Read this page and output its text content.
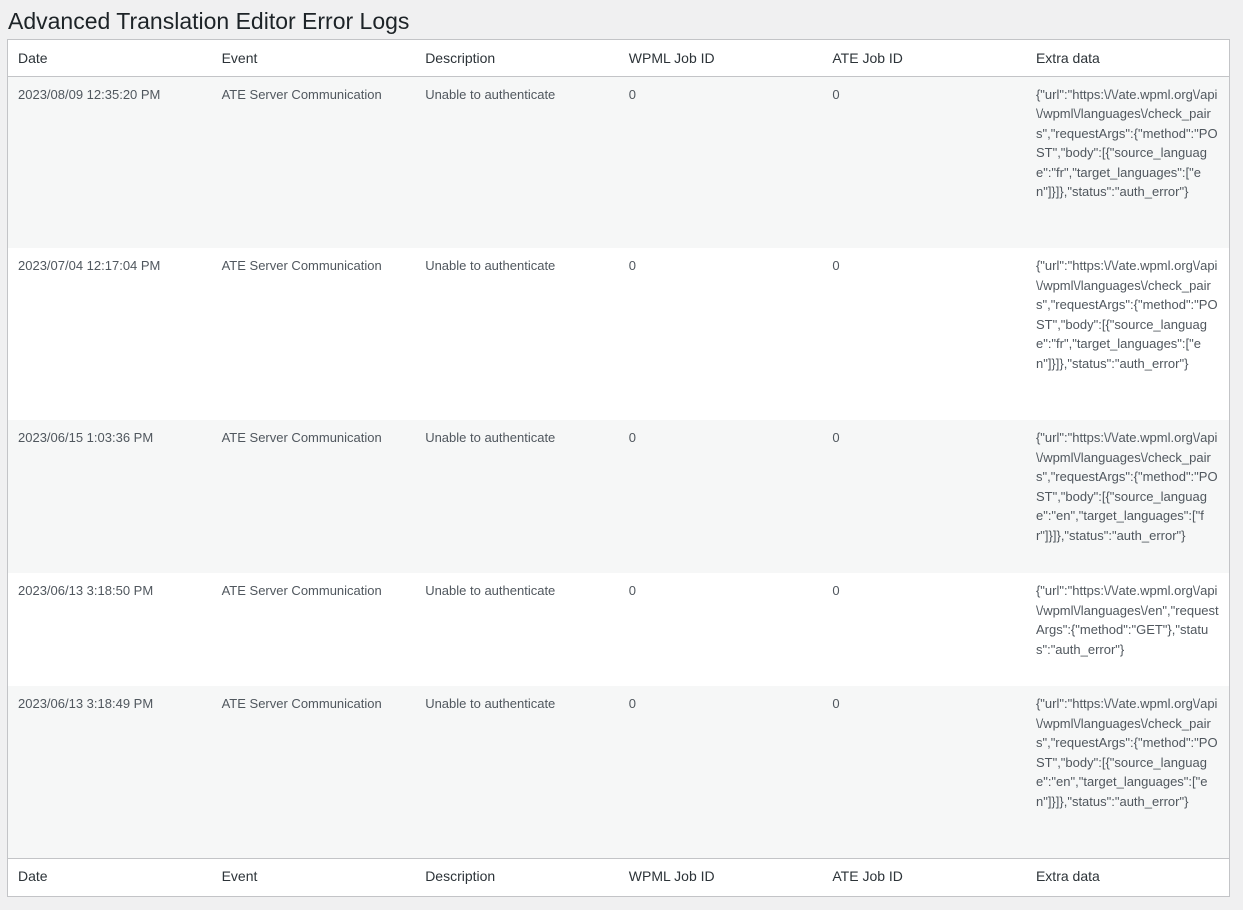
Advanced Translation Editor Error Logs
Date	Event	Description	WPML Job ID	ATE Job ID	Extra data
2023/08/09 12:35:20 PM	ATE Server Communication	Unable to authenticate	0	0	{"url":"https:\/\/ate.wpml.org\/api\/wpml\/languages\/check_pairs","requestArgs":{"method":"POST","body":[{"source_language":"fr","target_languages":["en"]}]},"status":"auth_error"}
2023/07/04 12:17:04 PM	ATE Server Communication	Unable to authenticate	0	0	{"url":"https:\/\/ate.wpml.org\/api\/wpml\/languages\/check_pairs","requestArgs":{"method":"POST","body":[{"source_language":"fr","target_languages":["en"]}]},"status":"auth_error"}
2023/06/15 1:03:36 PM	ATE Server Communication	Unable to authenticate	0	0	{"url":"https:\/\/ate.wpml.org\/api\/wpml\/languages\/check_pairs","requestArgs":{"method":"POST","body":[{"source_language":"en","target_languages":["fr"]}]},"status":"auth_error"}
2023/06/13 3:18:50 PM	ATE Server Communication	Unable to authenticate	0	0	{"url":"https:\/\/ate.wpml.org\/api\/wpml\/languages\/en","requestArgs":{"method":"GET"},"status":"auth_error"}
2023/06/13 3:18:49 PM	ATE Server Communication	Unable to authenticate	0	0	{"url":"https:\/\/ate.wpml.org\/api\/wpml\/languages\/check_pairs","requestArgs":{"method":"POST","body":[{"source_language":"en","target_languages":["en"]}]},"status":"auth_error"}
Date	Event	Description	WPML Job ID	ATE Job ID	Extra data
